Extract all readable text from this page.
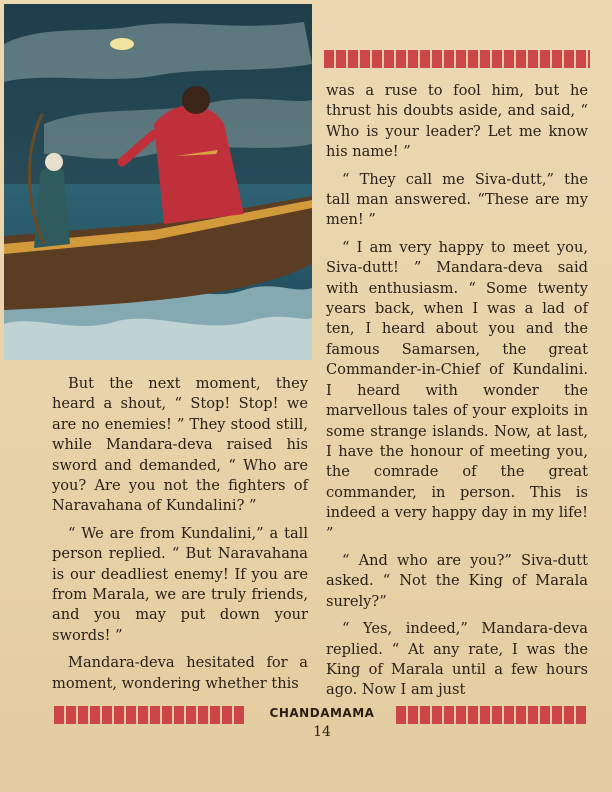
But the next moment, they heard a shout, “ Stop! Stop! we are no enemies! ” They stood still, while Mandara-deva raised his sword and demanded, “ Who are you? Are you not the fighters of Naravahana of Kundalini? ”

“ We are from Kundalini,” a tall person replied. “ But Naravahana is our deadliest enemy! If you are from Marala, we are truly friends, and you may put down your swords! ”

Mandara-deva hesitated for a moment, wondering whether this

was a ruse to fool him, but he thrust his doubts aside, and said, “ Who is your leader? Let me know his name! ”

“ They call me Siva-dutt,” the tall man answered. “These are my men! ”

“ I am very happy to meet you, Siva-dutt! ” Mandara-deva said with enthusiasm. “ Some twenty years back, when I was a lad of ten, I heard about you and the famous Samarsen, the great Commander-in-Chief of Kundalini. I heard with wonder the marvellous tales of your exploits in some strange islands. Now, at last, I have the honour of meeting you, the comrade of the great commander, in person. This is indeed a very happy day in my life! ”

“ And who are you?” Siva-dutt asked. “ Not the King of Marala surely?”

“ Yes, indeed,” Mandara-deva replied. “ At any rate, I was the King of Marala until a few hours ago. Now I am just

CHANDAMAMA
14
